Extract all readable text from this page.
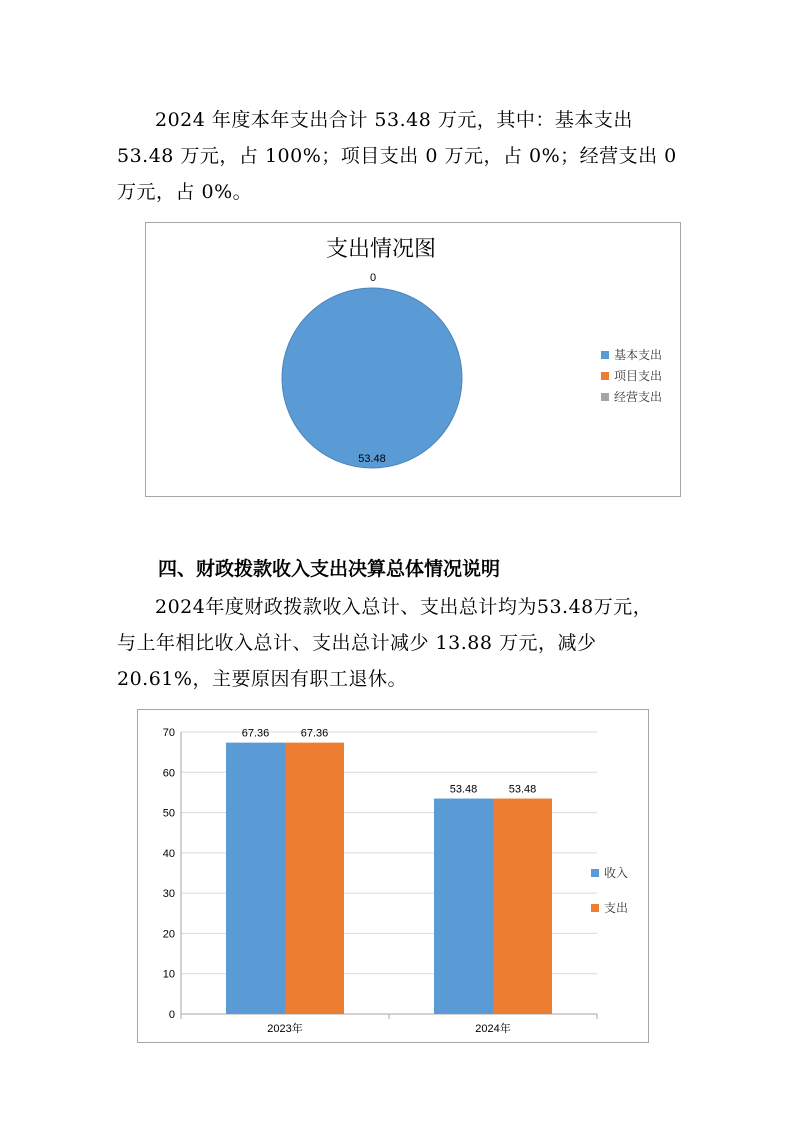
2024 年度本年支出合计 53.48 万元，其中：基本支出

53.48 万元，占 100%；项目支出 0 万元，占 0%；经营支出 0

万元，占 0%。

支出情况图
0
53.48
基本支出
项目支出
经营支出
四、财政拨款收入支出决算总体情况说明

2024年度财政拨款收入总计、支出总计均为53.48万元，

与上年相比收入总计、支出总计减少 13.88 万元，减少

20.61%，主要原因有职工退休。

0
10
20
30
40
50
60
70	67.36	67.36
2023年
53.48	53.48
2024年
收入
支出
